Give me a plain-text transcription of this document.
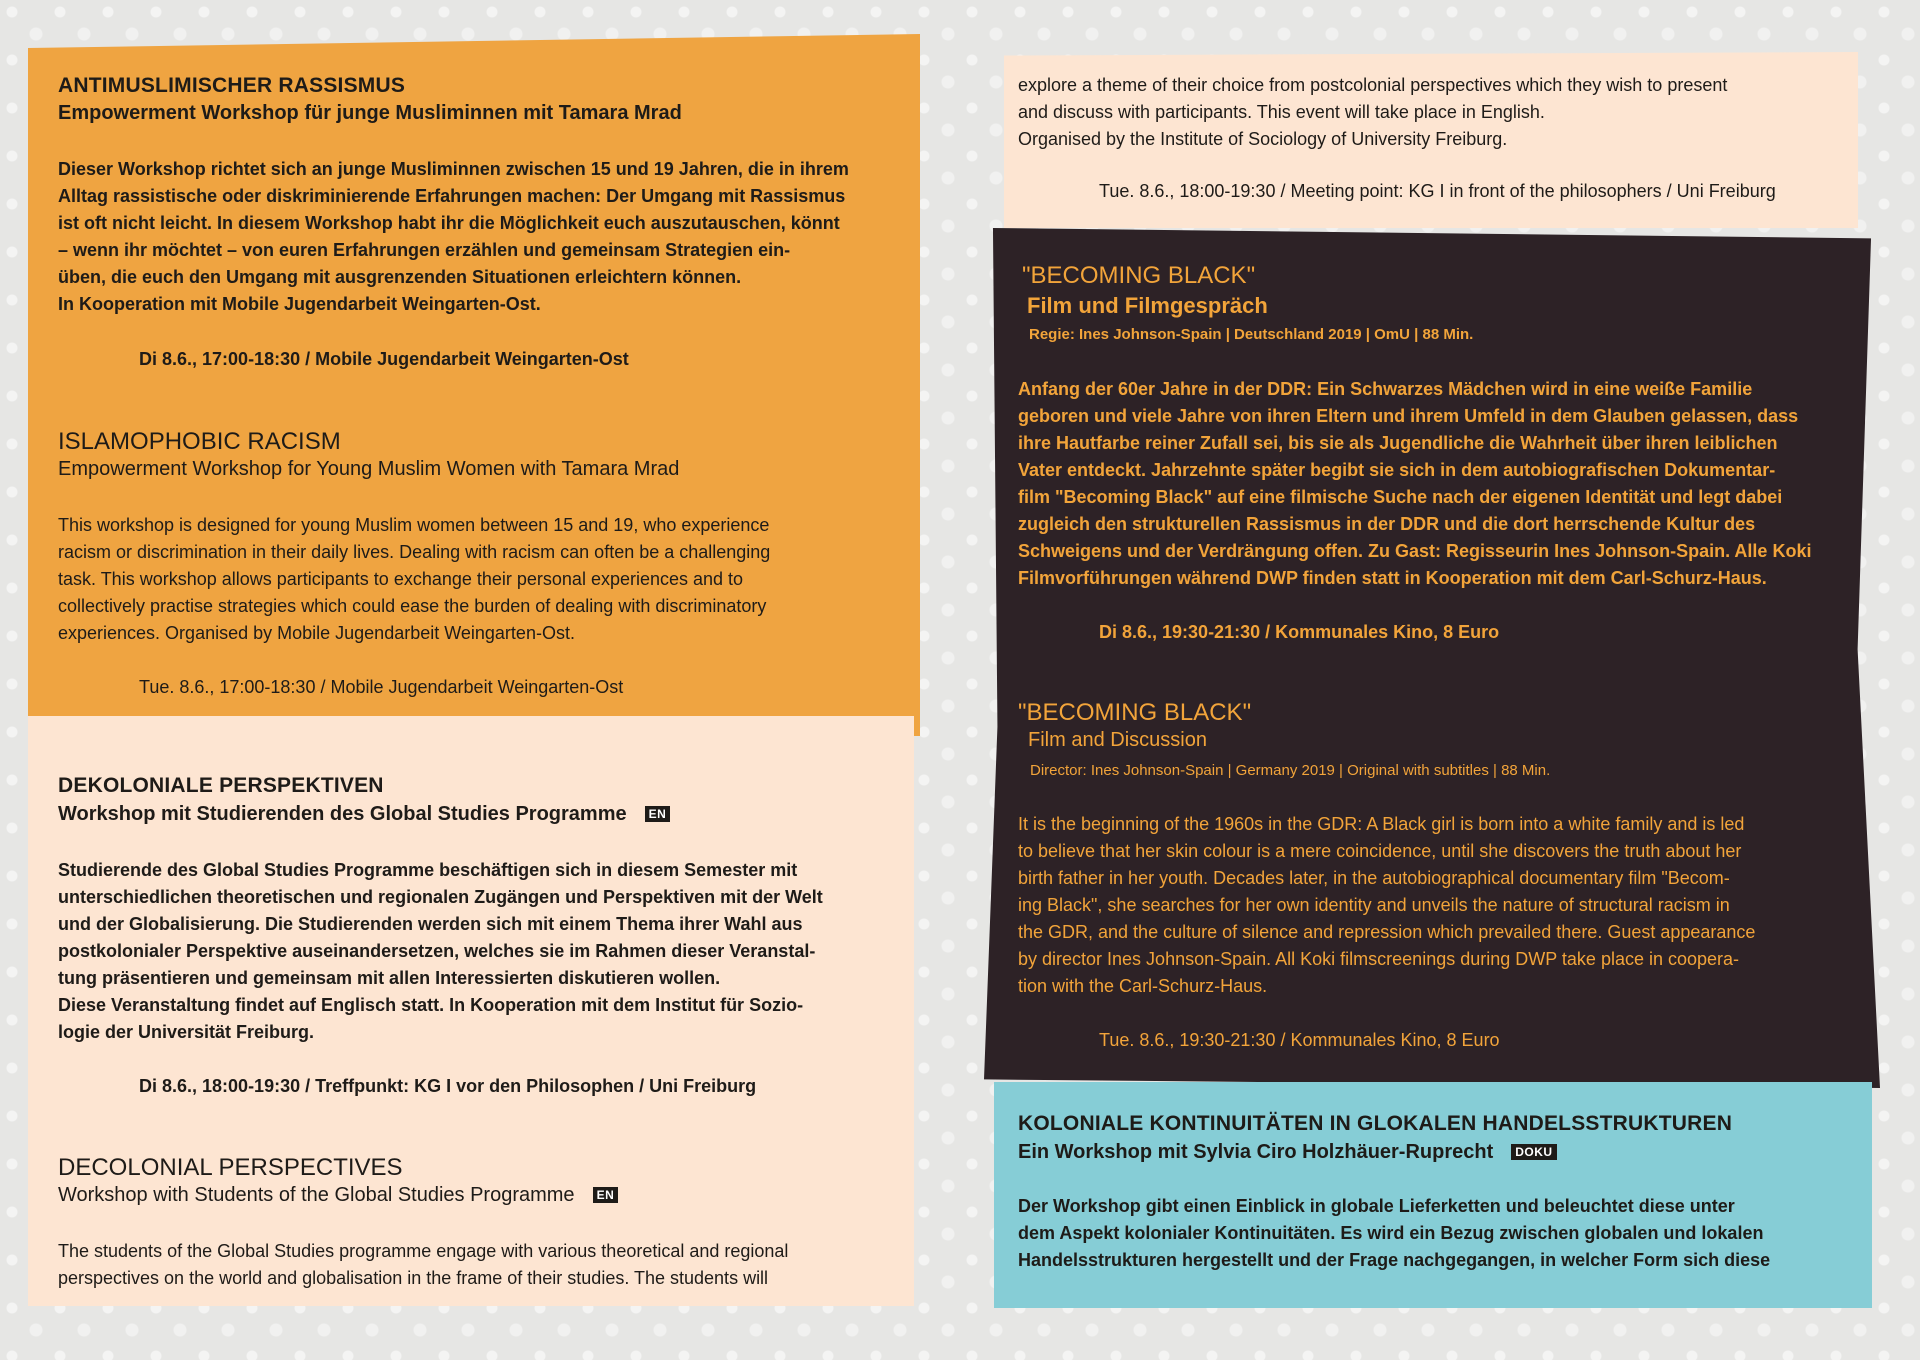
ANTIMUSLIMISCHER RASSISMUS
Empowerment Workshop für junge Musliminnen mit Tamara Mrad
Dieser Workshop richtet sich an junge Musliminnen zwischen 15 und 19 Jahren, die in ihrem
Alltag rassistische oder diskriminierende Erfahrungen machen: Der Umgang mit Rassismus
ist oft nicht leicht. In diesem Workshop habt ihr die Möglichkeit euch auszutauschen, könnt
– wenn ihr möchtet – von euren Erfahrungen erzählen und gemeinsam Strategien ein-
üben, die euch den Umgang mit ausgrenzenden Situationen erleichtern können.
In Kooperation mit Mobile Jugendarbeit Weingarten-Ost.
Di 8.6., 17:00-18:30 / Mobile Jugendarbeit Weingarten-Ost
ISLAMOPHOBIC RACISM
Empowerment Workshop for Young Muslim Women with Tamara Mrad
This workshop is designed for young Muslim women between 15 and 19, who experience
racism or discrimination in their daily lives. Dealing with racism can often be a challenging
task. This workshop allows participants to exchange their personal experiences and to
collectively practise strategies which could ease the burden of dealing with discriminatory
experiences. Organised by Mobile Jugendarbeit Weingarten-Ost.
Tue. 8.6., 17:00-18:30 / Mobile Jugendarbeit Weingarten-Ost
DEKOLONIALE PERSPEKTIVEN
Workshop mit Studierenden des Global Studies Programme EN
Studierende des Global Studies Programme beschäftigen sich in diesem Semester mit
unterschiedlichen theoretischen und regionalen Zugängen und Perspektiven mit der Welt
und der Globalisierung. Die Studierenden werden sich mit einem Thema ihrer Wahl aus
postkolonialer Perspektive auseinandersetzen, welches sie im Rahmen dieser Veranstal-
tung präsentieren und gemeinsam mit allen Interessierten diskutieren wollen.
Diese Veranstaltung findet auf Englisch statt. In Kooperation mit dem Institut für Sozio-
logie der Universität Freiburg.
Di 8.6., 18:00-19:30 / Treffpunkt: KG I vor den Philosophen / Uni Freiburg
DECOLONIAL PERSPECTIVES
Workshop with Students of the Global Studies Programme EN
The students of the Global Studies programme engage with various theoretical and regional
perspectives on the world and globalisation in the frame of their studies. The students will
explore a theme of their choice from postcolonial perspectives which they wish to present
and discuss with participants. This event will take place in English.
Organised by the Institute of Sociology of University Freiburg.
Tue. 8.6., 18:00-19:30 / Meeting point: KG I in front of the philosophers / Uni Freiburg
"BECOMING BLACK"
Film und Filmgespräch
Regie: Ines Johnson-Spain | Deutschland 2019 | OmU | 88 Min.
Anfang der 60er Jahre in der DDR: Ein Schwarzes Mädchen wird in eine weiße Familie
geboren und viele Jahre von ihren Eltern und ihrem Umfeld in dem Glauben gelassen, dass
ihre Hautfarbe reiner Zufall sei, bis sie als Jugendliche die Wahrheit über ihren leiblichen
Vater entdeckt. Jahrzehnte später begibt sie sich in dem autobiografischen Dokumentar-
film "Becoming Black" auf eine filmische Suche nach der eigenen Identität und legt dabei
zugleich den strukturellen Rassismus in der DDR und die dort herrschende Kultur des
Schweigens und der Verdrängung offen. Zu Gast: Regisseurin Ines Johnson-Spain. Alle Koki
Filmvorführungen während DWP finden statt in Kooperation mit dem Carl-Schurz-Haus.
Di 8.6., 19:30-21:30 / Kommunales Kino, 8 Euro
"BECOMING BLACK"
Film and Discussion
Director: Ines Johnson-Spain | Germany 2019 | Original with subtitles | 88 Min.
It is the beginning of the 1960s in the GDR: A Black girl is born into a white family and is led
to believe that her skin colour is a mere coincidence, until she discovers the truth about her
birth father in her youth. Decades later, in the autobiographical documentary film "Becom-
ing Black", she searches for her own identity and unveils the nature of structural racism in
the GDR, and the culture of silence and repression which prevailed there. Guest appearance
by director Ines Johnson-Spain. All Koki filmscreenings during DWP take place in coopera-
tion with the Carl-Schurz-Haus.
Tue. 8.6., 19:30-21:30 / Kommunales Kino, 8 Euro
KOLONIALE KONTINUITÄTEN IN GLOKALEN HANDELSSTRUKTUREN
Ein Workshop mit Sylvia Ciro Holzhäuer-Ruprecht DOKU
Der Workshop gibt einen Einblick in globale Lieferketten und beleuchtet diese unter
dem Aspekt kolonialer Kontinuitäten. Es wird ein Bezug zwischen globalen und lokalen
Handelsstrukturen hergestellt und der Frage nachgegangen, in welcher Form sich diese
